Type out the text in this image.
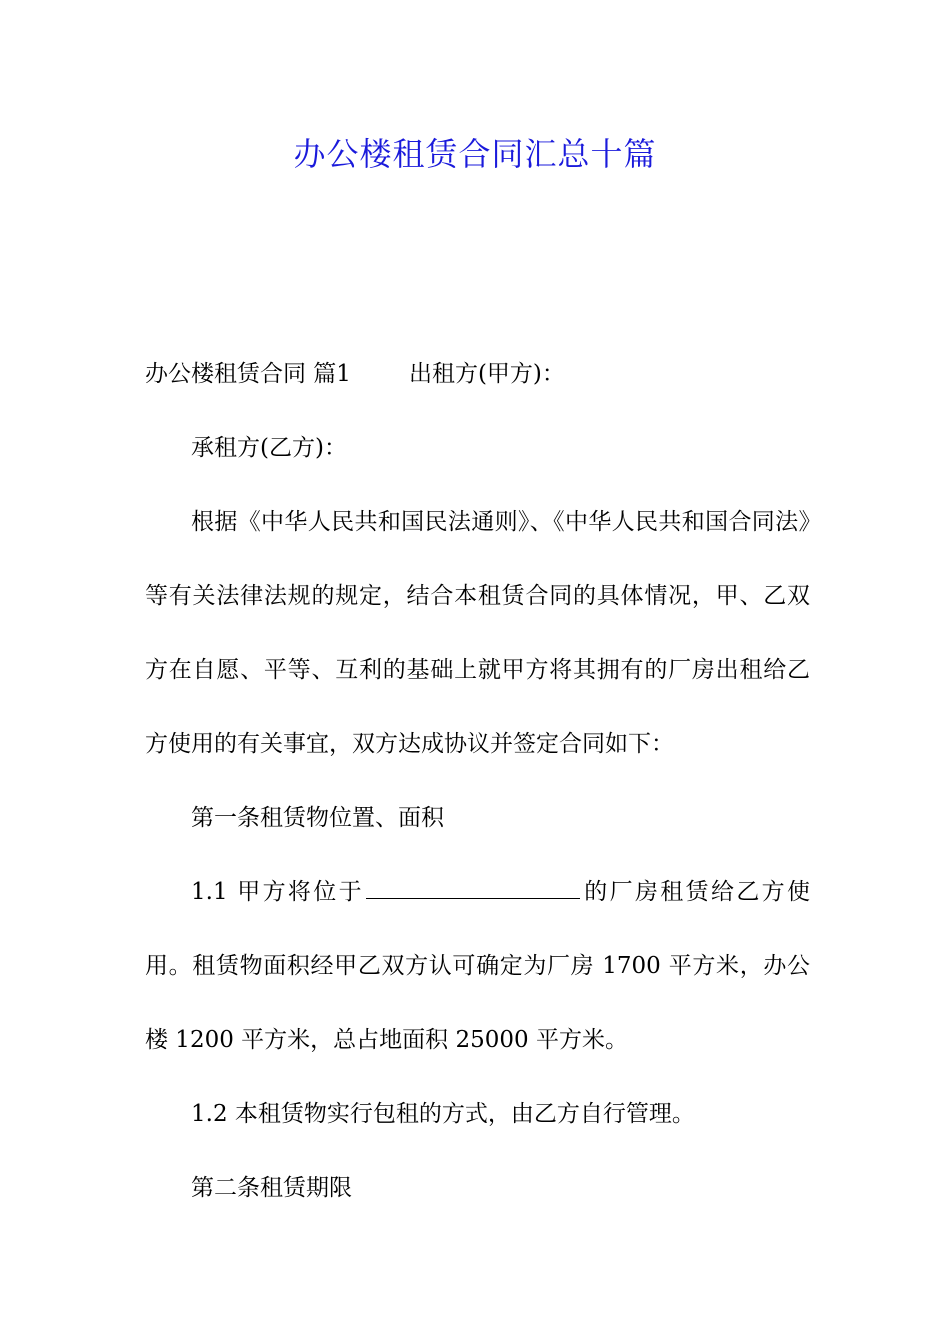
办公楼租赁合同汇总十篇

办公楼租赁合同 篇1	出租方(甲方)：

承租方(乙方)：

根据《中华人民共和国民法通则》、《中华人民共和国合同法》等有关法律法规的规定，结合本租赁合同的具体情况，甲、乙双方在自愿、平等、互利的基础上就甲方将其拥有的厂房出租给乙方使用的有关事宜，双方达成协议并签定合同如下：

第一条租赁物位置、面积

1.1 甲方将位于	的厂房租赁给乙方使用。租赁物面积经甲乙双方认可确定为厂房 1700 平方米，办公楼 1200 平方米，总占地面积 25000 平方米。

1.2 本租赁物实行包租的方式，由乙方自行管理。

第二条租赁期限
